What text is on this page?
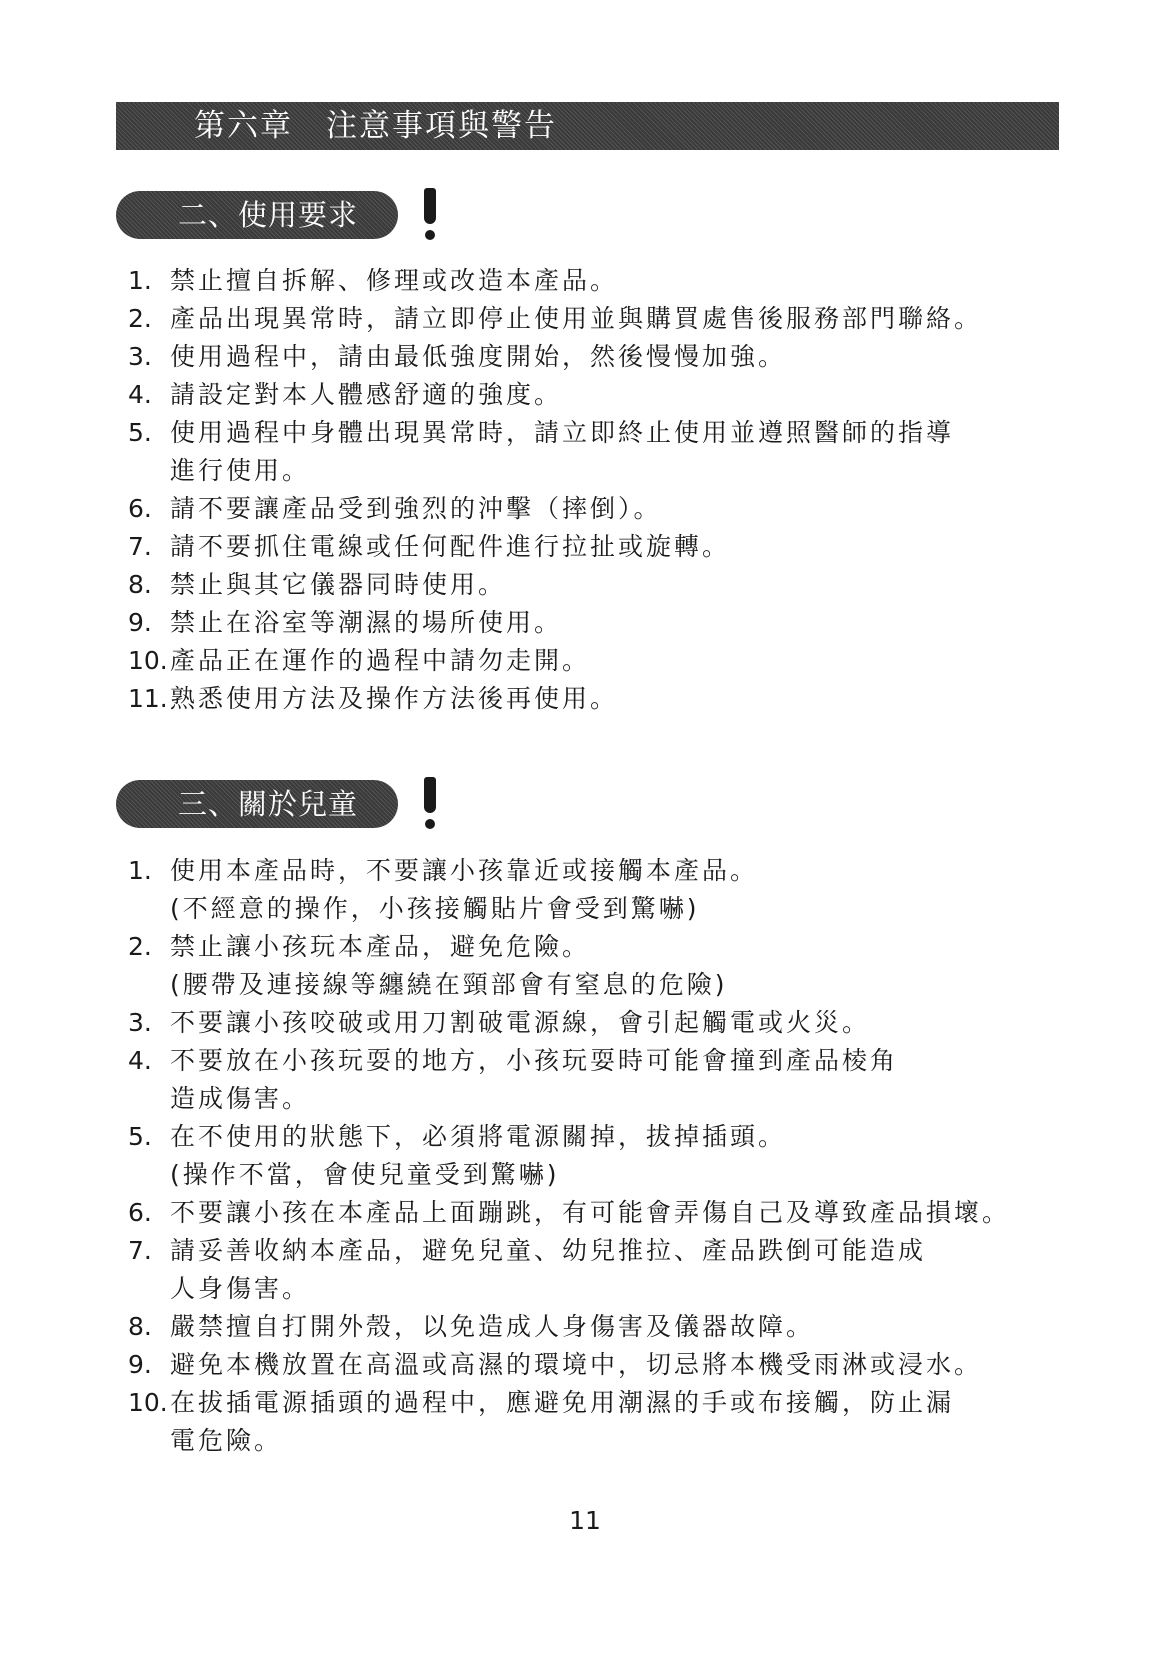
第六章　注意事項與警告
二、使用要求
1. 禁止擅自拆解、修理或改造本產品。
2. 產品出現異常時，請立即停止使用並與購買處售後服務部門聯絡。
3. 使用過程中，請由最低強度開始，然後慢慢加強。
4. 請設定對本人體感舒適的強度。
5. 使用過程中身體出現異常時，請立即終止使用並遵照醫師的指導
進行使用。
6. 請不要讓產品受到強烈的沖擊（摔倒）。
7. 請不要抓住電線或任何配件進行拉扯或旋轉。
8. 禁止與其它儀器同時使用。
9. 禁止在浴室等潮濕的場所使用。
10. 產品正在運作的過程中請勿走開。
11. 熟悉使用方法及操作方法後再使用。
三、關於兒童
1. 使用本產品時，不要讓小孩靠近或接觸本產品。
(不經意的操作，小孩接觸貼片會受到驚嚇)
2. 禁止讓小孩玩本產品，避免危險。
(腰帶及連接線等纏繞在頸部會有窒息的危險)
3. 不要讓小孩咬破或用刀割破電源線，會引起觸電或火災。
4. 不要放在小孩玩耍的地方，小孩玩耍時可能會撞到產品棱角
造成傷害。
5. 在不使用的狀態下，必須將電源關掉，拔掉插頭。
(操作不當，會使兒童受到驚嚇)
6. 不要讓小孩在本產品上面蹦跳，有可能會弄傷自己及導致產品損壞。
7. 請妥善收納本產品，避免兒童、幼兒推拉、產品跌倒可能造成
人身傷害。
8. 嚴禁擅自打開外殼，以免造成人身傷害及儀器故障。
9. 避免本機放置在高溫或高濕的環境中，切忌將本機受雨淋或浸水。
10. 在拔插電源插頭的過程中，應避免用潮濕的手或布接觸，防止漏
電危險。
11
